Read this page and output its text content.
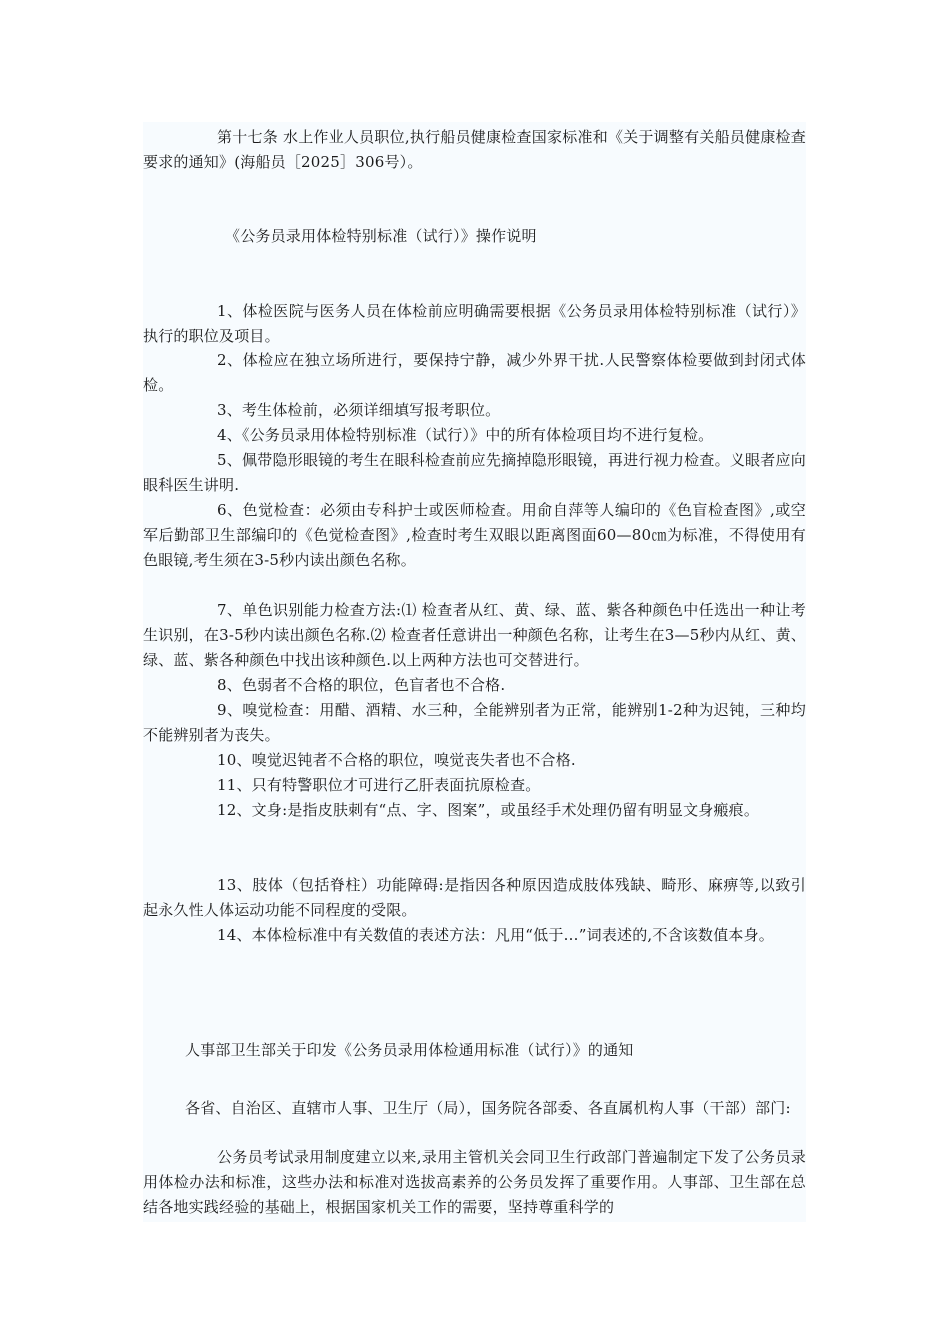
第十七条 水上作业人员职位,执行船员健康检查国家标准和《关于调整有关船员健康检查要求的通知》(海船员［2025］306号）。

《公务员录用体检特别标准（试行）》操作说明

1、体检医院与医务人员在体检前应明确需要根据《公务员录用体检特别标准（试行）》执行的职位及项目。

2、体检应在独立场所进行，要保持宁静，减少外界干扰.人民警察体检要做到封闭式体检。

3、考生体检前，必须详细填写报考职位。

4、《公务员录用体检特别标准（试行）》中的所有体检项目均不进行复检。

5、佩带隐形眼镜的考生在眼科检查前应先摘掉隐形眼镜，再进行视力检查。义眼者应向眼科医生讲明.

6、色觉检查：必须由专科护士或医师检查。用俞自萍等人编印的《色盲检查图》,或空军后勤部卫生部编印的《色觉检查图》,检查时考生双眼以距离图面60—80㎝为标准，不得使用有色眼镜,考生须在3-5秒内读出颜色名称。

7、单色识别能力检查方法:⑴ 检查者从红、黄、绿、蓝、紫各种颜色中任选出一种让考生识别，在3-5秒内读出颜色名称.⑵ 检查者任意讲出一种颜色名称，让考生在3—5秒内从红、黄、绿、蓝、紫各种颜色中找出该种颜色.以上两种方法也可交替进行。

8、色弱者不合格的职位，色盲者也不合格.

9、嗅觉检查：用醋、酒精、水三种，全能辨别者为正常，能辨别1-2种为迟钝，三种均不能辨别者为丧失。

10、嗅觉迟钝者不合格的职位，嗅觉丧失者也不合格.

11、只有特警职位才可进行乙肝表面抗原检查。

12、文身:是指皮肤刺有“点、字、图案”，或虽经手术处理仍留有明显文身瘢痕。

13、肢体（包括脊柱）功能障碍:是指因各种原因造成肢体残缺、畸形、麻痹等,以致引起永久性人体运动功能不同程度的受限。

14、本体检标准中有关数值的表述方法：凡用“低于…”词表述的,不含该数值本身。

人事部卫生部关于印发《公务员录用体检通用标准（试行）》的通知

各省、自治区、直辖市人事、卫生厅（局），国务院各部委、各直属机构人事（干部）部门:

公务员考试录用制度建立以来,录用主管机关会同卫生行政部门普遍制定下发了公务员录用体检办法和标准，这些办法和标准对选拔高素养的公务员发挥了重要作用。人事部、卫生部在总结各地实践经验的基础上，根据国家机关工作的需要，坚持尊重科学的
